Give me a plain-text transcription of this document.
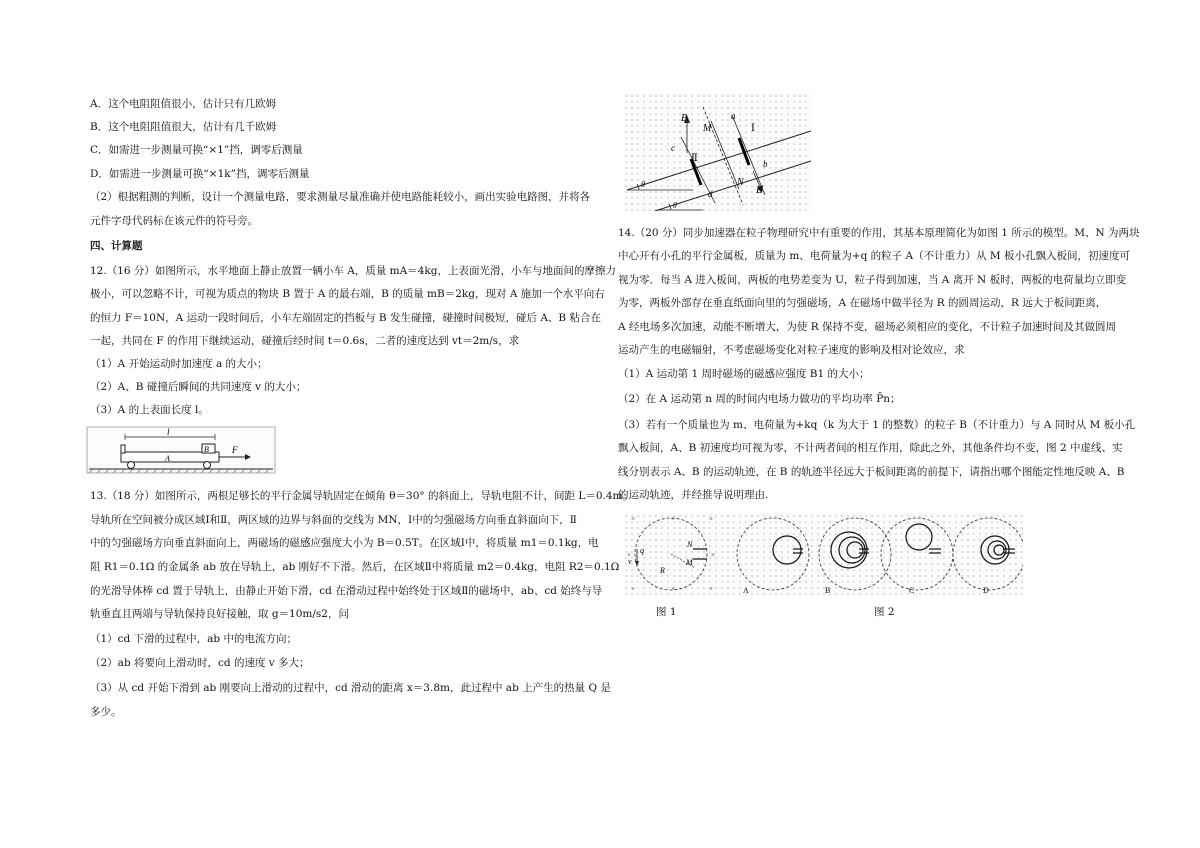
A．这个电阻阻值很小，估计只有几欧姆
B．这个电阻阻值很大，估计有几千欧姆
C．如需进一步测量可换“×1”挡，调零后测量
D．如需进一步测量可换“×1k”挡，调零后测量
（2）根据粗测的判断，设计一个测量电路，要求测量尽量准确并使电路能耗较小，画出实验电路图，并将各
元件字母代码标在该元件的符号旁。
四、计算题
12.（16 分）如图所示，水平地面上静止放置一辆小车 A，质量 mA＝4kg，上表面光滑，小车与地面间的摩擦力
极小，可以忽略不计，可视为质点的物块 B 置于 A 的最右端，B 的质量 mB＝2kg，现对 A 施加一个水平向右
的恒力 F＝10N，A 运动一段时间后，小车左端固定的挡板与 B 发生碰撞，碰撞时间极短，碰后 A、B 粘合在
一起，共同在 F 的作用下继续运动，碰撞后经时间 t＝0.6s，二者的速度达到 vt＝2m/s，求
（1）A 开始运动时加速度 a 的大小；
（2）A、B 碰撞后瞬间的共同速度 v 的大小；
（3）A 的上表面长度 l。
l
B	F
A
13.（18 分）如图所示，两根足够长的平行金属导轨固定在倾角 θ＝30° 的斜面上，导轨电阻不计，间距 L＝0.4m。
导轨所在空间被分成区域Ⅰ和Ⅱ，两区域的边界与斜面的交线为 MN，Ⅰ中的匀强磁场方向垂直斜面向下，Ⅱ
中的匀强磁场方向垂直斜面向上，两磁场的磁感应强度大小为 B＝0.5T。在区域Ⅰ中，将质量 m1＝0.1kg，电
阻 R1＝0.1Ω 的金属条 ab 放在导轨上，ab 刚好不下滑。然后，在区域Ⅱ中将质量 m2＝0.4kg，电阻 R2＝0.1Ω
的光滑导体棒 cd 置于导轨上，由静止开始下滑，cd 在滑动过程中始终处于区域Ⅱ的磁场中，ab、cd 始终与导
轨垂直且两端与导轨保持良好接触，取 g＝10m/s2，问
（1）cd 下滑的过程中，ab 中的电流方向；
（2）ab 将要向上滑动时，cd 的速度 v 多大；
（3）从 cd 开始下滑到 ab 刚要向上滑动的过程中，cd 滑动的距离 x＝3.8m，此过程中 ab 上产生的热量 Q 是
多少。
B
M
a
Ⅰ
c
Ⅱ	b
N
d	B
θ
θ
14.（20 分）同步加速器在粒子物理研究中有重要的作用，其基本原理简化为如图 1 所示的模型。M、N 为两块
中心开有小孔的平行金属板，质量为 m、电荷量为+q 的粒子 A（不计重力）从 M 板小孔飘入板间，初速度可
视为零．每当 A 进入板间，两板的电势差变为 U，粒子得到加速，当 A 离开 N 板时，两板的电荷量均立即变
为零，两板外部存在垂直纸面向里的匀强磁场，A 在磁场中做半径为 R 的圆周运动，R 远大于板间距离，
A 经电场多次加速，动能不断增大，为使 R 保持不变，磁场必须相应的变化，不计粒子加速时间及其做圆周
运动产生的电磁辐射，不考虑磁场变化对粒子速度的影响及相对论效应，求
（1）A 运动第 1 周时磁场的磁感应强度 B1 的大小；
（2）在 A 运动第 n 周的时间内电场力做功的平均功率 P̄n；
（3）若有一个质量也为 m、电荷量为+kq（k 为大于 1 的整数）的粒子 B（不计重力）与 A 同时从 M 板小孔
飘入板间，A、B 初速度均可视为零，不计两者间的相互作用，除此之外，其他条件均不变，图 2 中虚线、实
线分别表示 A、B 的运动轨迹，在 B 的轨迹半径远大于板间距离的前提下，请指出哪个图能定性地反映 A、B
的运动轨迹，并经推导说明理由.
×	×	×
×	×
×	×	×
q
v
R
N
M
A	B	C	D
图 1	图 2
